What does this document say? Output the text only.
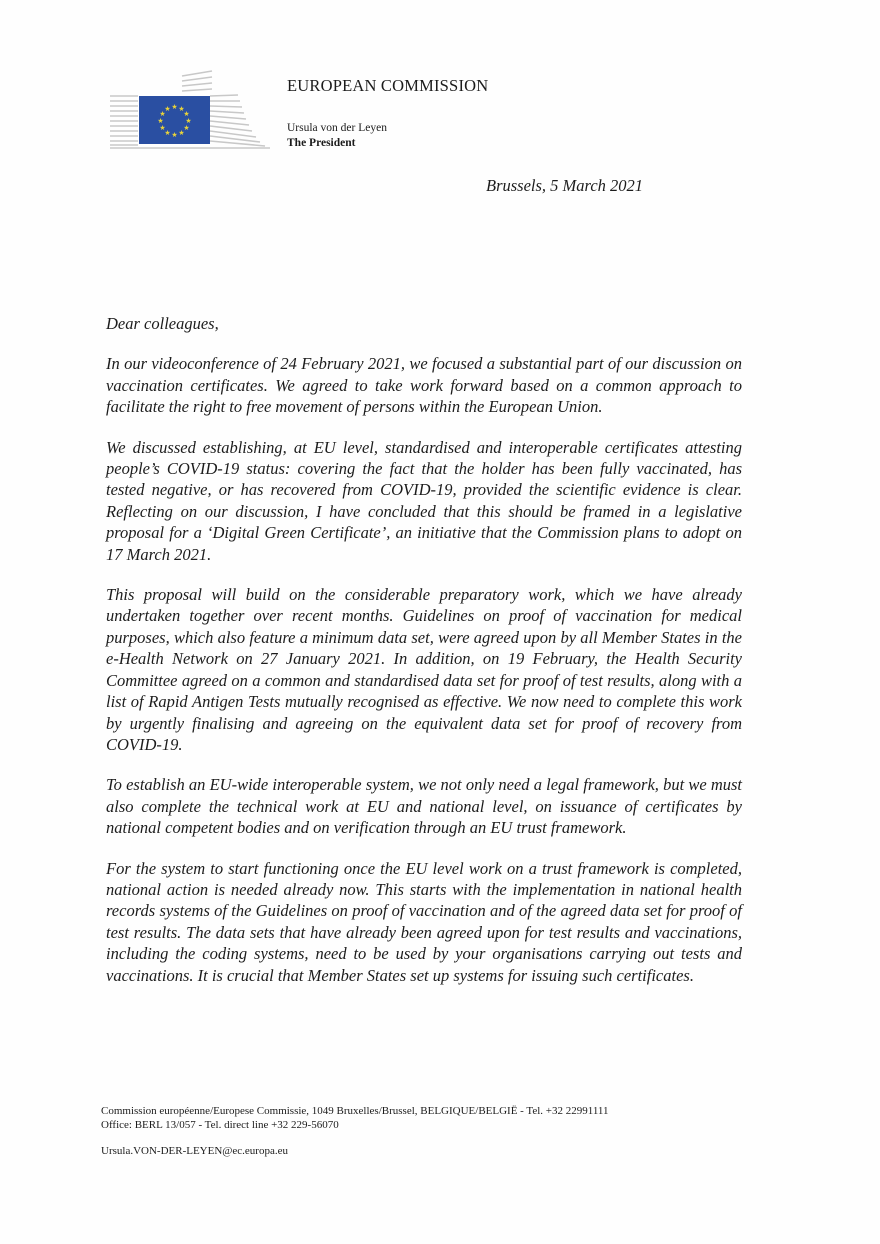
★ ★
★
★
★
★
★
★
★
★
★
★
EUROPEAN COMMISSION
Ursula von der Leyen
The President
Brussels, 5 March 2021

Dear colleagues,

In our videoconference of 24 February 2021, we focused a substantial part of our discussion on vaccination certificates. We agreed to take work forward based on a common approach to facilitate the right to free movement of persons within the European Union.

We discussed establishing, at EU level, standardised and interoperable certificates attesting people’s COVID-19 status: covering the fact that the holder has been fully vaccinated, has tested negative, or has recovered from COVID-19, provided the scientific evidence is clear. Reflecting on our discussion, I have concluded that this should be framed in a legislative proposal for a ‘Digital Green Certificate’, an initiative that the Commission plans to adopt on 17 March 2021.

This proposal will build on the considerable preparatory work, which we have already undertaken together over recent months. Guidelines on proof of vaccination for medical purposes, which also feature a minimum data set, were agreed upon by all Member States in the e-Health Network on 27 January 2021. In addition, on 19 February, the Health Security Committee agreed on a common and standardised data set for proof of test results, along with a list of Rapid Antigen Tests mutually recognised as effective. We now need to complete this work by urgently finalising and agreeing on the equivalent data set for proof of recovery from COVID-19.

To establish an EU-wide interoperable system, we not only need a legal framework, but we must also complete the technical work at EU and national level, on issuance of certificates by national competent bodies and on verification through an EU trust framework.

For the system to start functioning once the EU level work on a trust framework is completed, national action is needed already now. This starts with the implementation in national health records systems of the Guidelines on proof of vaccination and of the agreed data set for proof of test results. The data sets that have already been agreed upon for test results and vaccinations, including the coding systems, need to be used by your organisations carrying out tests and vaccinations. It is crucial that Member States set up systems for issuing such certificates.

Commission européenne/Europese Commissie, 1049 Bruxelles/Brussel, BELGIQUE/BELGIË - Tel. +32 22991111
Office: BERL 13/057 - Tel. direct line +32 229-56070
Ursula.VON-DER-LEYEN@ec.europa.eu
